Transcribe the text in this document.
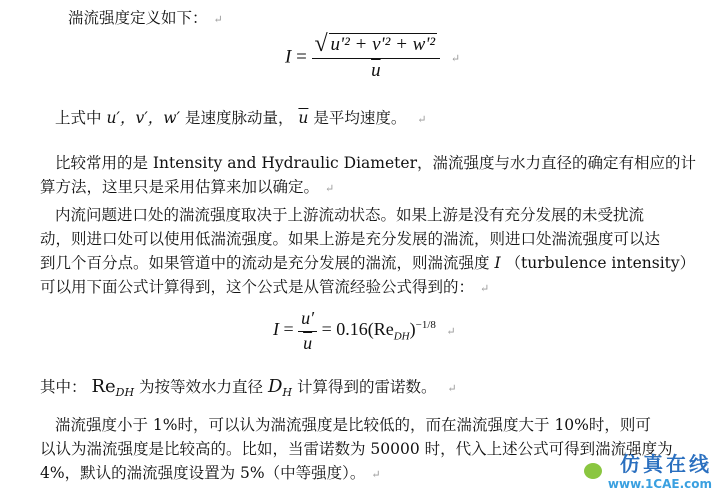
湍流强度定义如下： ↵
$I = \frac{\text{√ u'² + v'² + w'²}}{u}$ ↵
上式中 u′，v′，w′ 是速度脉动量， $\overline{u}$ 是平均速度。 ↵
比较常用的是 Intensity and Hydraulic Diameter，湍流强度与水力直径的确定有相应的计
算方法，这里只是采用估算来加以确定。 ↵
内流问题进口处的湍流强度取决于上游流动状态。如果上游是没有充分发展的未受扰流
动，则进口处可以使用低湍流强度。如果上游是充分发展的湍流，则进口处湍流强度可以达
到几个百分点。如果管道中的流动是充分发展的湍流，则湍流强度 I （turbulence intensity）
可以用下面公式计算得到，这个公式是从管流经验公式得到的： ↵
$I = \frac{u'}{u} = 0.16(Re_{DH})^{-1/8}$ ↵
其中： $Re_{DH}$ 为按等效水力直径 $D_H$ 计算得到的雷诺数。 ↵
湍流强度小于 1%时，可以认为湍流强度是比较低的，而在湍流强度大于 10%时，则可
以认为湍流强度是比较高的。比如，当雷诺数为 50000 时，代入上述公式可得到湍流强度为
4%，默认的湍流强度设置为 5%（中等强度）。 ↵	仿真在线
www.1CAE.com
